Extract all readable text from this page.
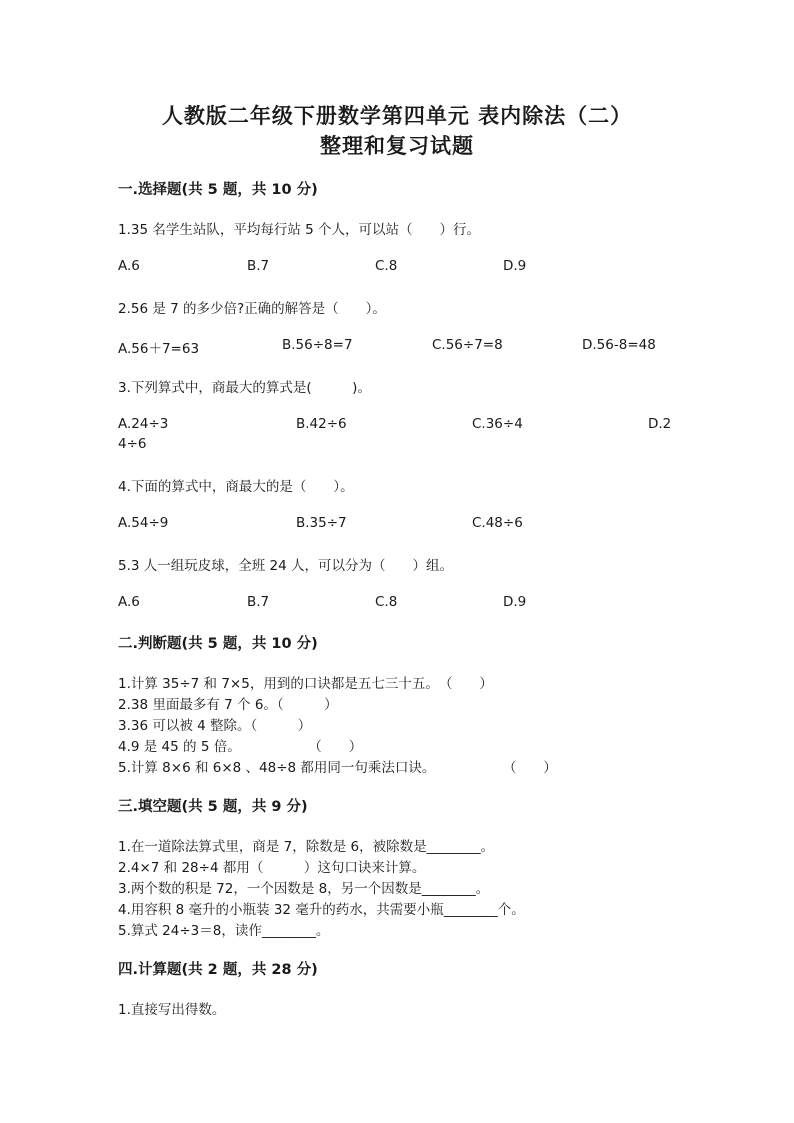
人教版二年级下册数学第四单元 表内除法（二）
整理和复习试题
一.选择题(共 5 题，共 10 分)
1.35 名学生站队，平均每行站 5 个人，可以站（　　）行。
A.6	B.7	C.8	D.9
2.56 是 7 的多少倍?正确的解答是（　　）。
A.56＋7=63	B.56÷8=7	C.56÷7=8	D.56-8=48
3.下列算式中，商最大的算式是(　　　)。
A.24÷3	B.42÷6	C.36÷4	D.2
4÷6
4.下面的算式中，商最大的是（　　）。
A.54÷9	B.35÷7	C.48÷6
5.3 人一组玩皮球，全班 24 人，可以分为（　　）组。
A.6	B.7	C.8	D.9
二.判断题(共 5 题，共 10 分)
1.计算 35÷7 和 7×5，用到的口诀都是五七三十五。　（　　）
2.38 里面最多有 7 个 6。（　　　）
3.36 可以被 4 整除。（　　　）
4.9 是 45 的 5 倍。　　　　　　（　　）
5.计算 8×6 和 6×8 、48÷8 都用同一句乘法口诀。　　　　　　（　　）
三.填空题(共 5 题，共 9 分)
1.在一道除法算式里，商是 7，除数是 6，被除数是________。
2.4×7 和 28÷4 都用（　　　）这句口诀来计算。
3.两个数的积是 72，一个因数是 8，另一个因数是________。
4.用容积 8 毫升的小瓶装 32 毫升的药水，共需要小瓶________个。
5.算式 24÷3＝8，读作________。
四.计算题(共 2 题，共 28 分)
1.直接写出得数。
